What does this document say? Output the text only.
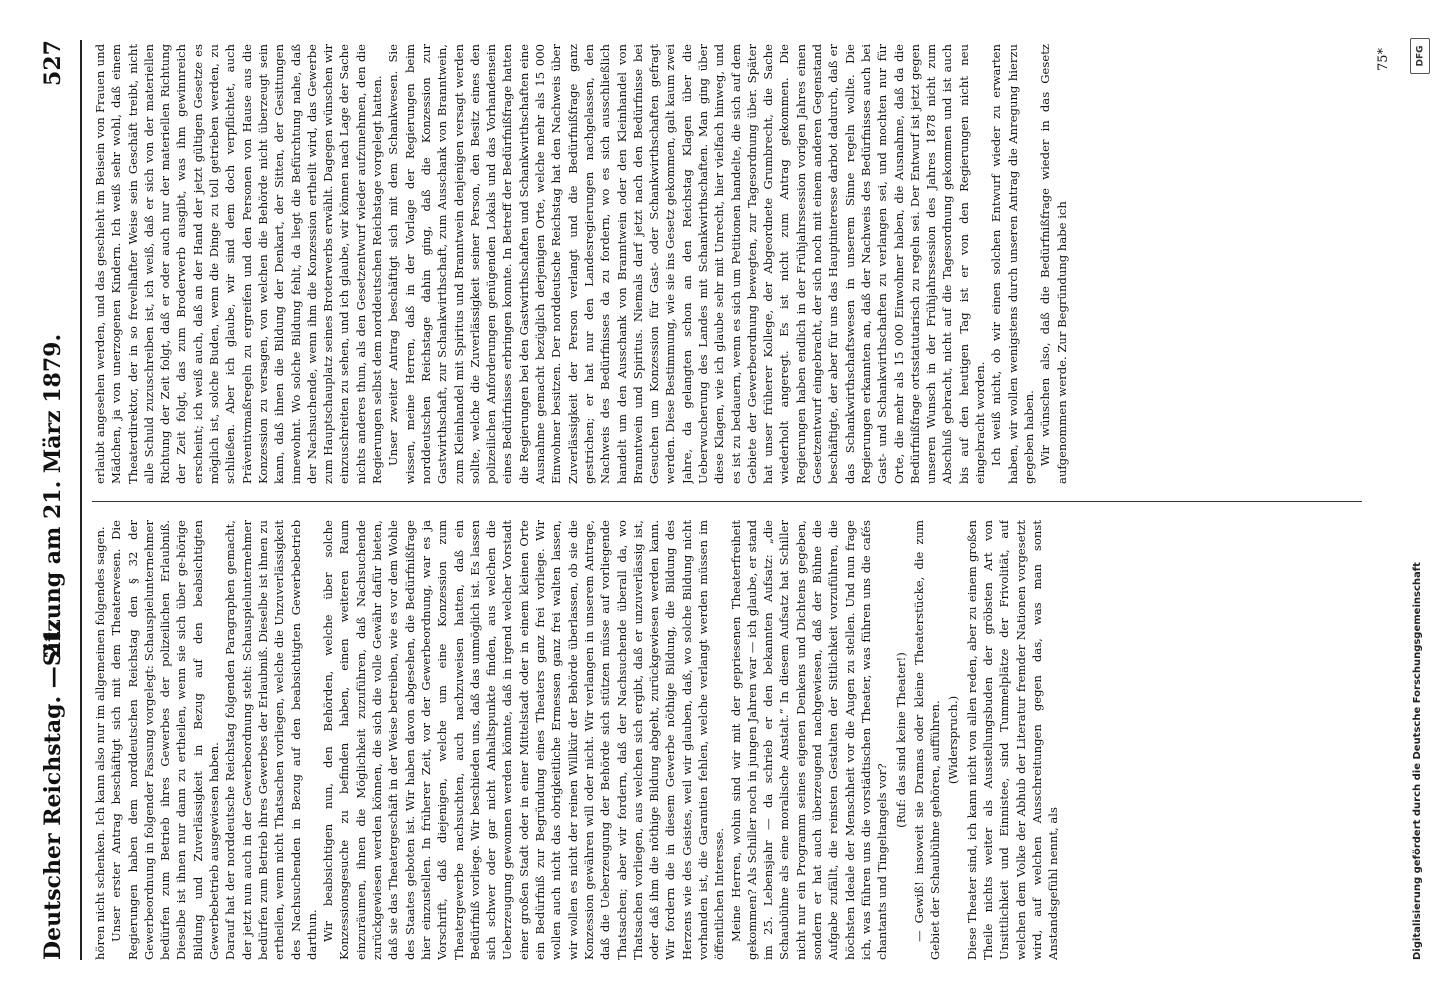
Deutscher Reichstag. — 21.
Sitzung am 21. März 1879.
527

hören nicht schenken. Ich kann also nur im allgemeinen folgendes sagen. Unser erster Antrag beschäftigt sich mit dem Theaterwesen. Die Regierungen haben dem norddeutschen Reichstag den § 32 der Gewerbeordnung in folgender Fassung vorgelegt: Schauspielunternehmer bedürfen zum Betrieb ihres Gewerbes der polizeilichen Erlaubniß. Dieselbe ist ihnen nur dann zu ertheilen, wenn sie sich über ge-hörige Bildung und Zuverlässigkeit in Bezug auf den beabsichtigten Gewerbebetrieb ausgewiesen haben. Darauf hat der norddeutsche Reichstag folgenden Paragraphen gemacht, der jetzt nun auch in der Gewerbeordnung steht: Schauspielunternehmer bedürfen zum Betrieb ihres Gewerbes der Erlaubniß. Dieselbe ist ihnen zu ertheilen, wenn nicht Thatsachen vorliegen, welche die Unzuverlässigkeit des Nachsuchenden in Bezug auf den beabsichtigten Gewerbebetrieb darthun. Wir beabsichtigen nun, den Behörden, welche über solche Konzessionsgesuche zu befinden haben, einen weiteren Raum einzuräumen, ihnen die Möglichkeit zuzuführen, daß Nachsuchende zurückgewiesen werden können, die sich die volle Gewähr dafür bieten, daß sie das Theatergeschäft in der Weise betreiben, wie es vor dem Wohle des Staates geboten ist. Wir haben davon abgesehen, die Bedürfnißfrage hier einzustellen. In früherer Zeit, vor der Gewerbeordnung, war es ja Vorschrift, daß diejenigen, welche um eine Konzession zum Theatergewerbe nachsuchten, auch nachzuweisen hatten, daß ein Bedürfniß vorliege. Wir beschieden uns, daß das unmöglich ist. Es lassen sich schwer oder gar nicht Anhaltspunkte finden, aus welchen die Ueberzeugung gewonnen werden könnte, daß in irgend welcher Vorstadt einer großen Stadt oder in einer Mittelstadt oder in einem kleinen Orte ein Bedürfniß zur Begründung eines Theaters ganz frei vorliege. Wir wollen auch nicht das obrigkeitliche Ermessen ganz frei walten lassen, wir wollen es nicht der reinen Willkür der Behörde überlassen, ob sie die Konzession gewähren will oder nicht. Wir verlangen in unserem Antrage, daß die Ueberzeugung der Behörde sich stützen müsse auf vorliegende Thatsachen; aber wir fordern, daß der Nachsuchende überall da, wo Thatsachen vorliegen, aus welchen sich ergibt, daß er unzuverlässig ist, oder daß ihm die nöthige Bildung abgeht, zurückgewiesen werden kann. Wir fordern die in diesem Gewerbe nöthige Bildung, die Bildung des Herzens wie des Geistes, weil wir glauben, daß, wo solche Bildung nicht vorhanden ist, die Garantien fehlen, welche verlangt werden müssen im öffentlichen Interesse. Meine Herren, wohin sind wir mit der gepriesenen Theaterfreiheit gekommen? Als Schiller noch in jungen Jahren war — ich glaube, er stand im 25. Lebensjahr — da schrieb er den bekannten Aufsatz: „die Schaubühne als eine moralische Anstalt.“ In diesem Aufsatz hat Schiller nicht nur ein Programm seines eigenen Denkens und Dichtens gegeben, sondern er hat auch überzeugend nachgewiesen, daß der Bühne die Aufgabe zufällt, die reinsten Gestalten der Sittlichkeit vorzuführen, die höchsten Ideale der Menschheit vor die Augen zu stellen. Und nun frage ich, was führen uns die vorstädtischen Theater, was führen uns die cafés chantants und Tingeltangels vor?

(Ruf: das sind keine Theater!) — Gewiß! insoweit sie Dramas oder kleine Theaterstücke, die zum Gebiet der Schaubühne gehören, aufführen. (Widerspruch.) Diese Theater sind, ich kann nicht von allen reden, aber zu einem großen Theile nichts weiter als Ausstellungsbuden der gröbsten Art von Unsittlichkeit und Einnistee, sind Tummelplätze der Frivolität, auf welchen dem Volke der Abhub der Literatur fremder Nationen vorgesetzt wird, auf welchen Ausschreitungen gegen das, was man sonst Anstandsgefühl nennt, als

erlaubt angesehen werden, und das geschieht im Beisein von Frauen und Mädchen, ja von unerzogenen Kindern. Ich weiß sehr wohl, daß einem Theaterdirektor, der in so frevelhafter Weise sein Geschäft treibt, nicht alle Schuld zuzuschreiben ist, ich weiß, daß er sich von der materiellen Richtung der Zeit folgt, daß er oder auch nur der materiellen Richtung der Zeit folgt, das zum Broderwerb ausgibt, was ihm gewinnreich erscheint; ich weiß auch, daß an der Hand der jetzt gültigen Gesetze es möglich ist, solche Buden, wenn die Dinge zu toll getrieben werden, zu schließen. Aber ich glaube, wir sind dem doch verpflichtet, auch Präventivmaßregeln zu ergreifen und den Personen von Hause aus die Konzession zu versagen, von welchen die Behörde nicht überzeugt sein kann, daß ihnen die Bildung der Denkart, der Sitten, der Gesittungen innewohnt. Wo solche Bildung fehlt, da liegt die Befürchtung nahe, daß der Nachsuchende, wenn ihm die Konzession ertheilt wird, das Gewerbe zum Hauptschauplatz seines Broterwerbs erwählt. Dagegen wünschen wir einzuschreiten zu sehen, und ich glaube, wir können nach Lage der Sache nichts anderes thun, als den Gesetzentwurf wieder aufzunehmen, den die Regierungen selbst dem norddeutschen Reichstage vorgelegt hatten. Unser zweiter Antrag beschäftigt sich mit dem Schankwesen. Sie wissen, meine Herren, daß in der Vorlage der Regierungen beim norddeutschen Reichstage dahin ging, daß die Konzession zur Gastwirthschaft, zur Schankwirthschaft, zum Ausschank von Branntwein, zum Kleinhandel mit Spiritus und Branntwein denjenigen versagt werden sollte, welche die Zuverlässigkeit seiner Person, den Besitz eines den polizeilichen Anforderungen genügenden Lokals und das Vorhandensein eines Bedürfnisses erbringen konnte. In Betreff der Bedürfnißfrage hatten die Regierungen bei den Gastwirthschaften und Schankwirthschaften eine Ausnahme gemacht bezüglich derjenigen Orte, welche mehr als 15 000 Einwohner besitzen. Der norddeutsche Reichstag hat den Nachweis über Zuverlässigkeit der Person verlangt und die Bedürfnißfrage ganz gestrichen; er hat nur den Landesregierungen nachgelassen, den Nachweis des Bedürfnisses da zu fordern, wo es sich ausschließlich handelt um den Ausschank von Branntwein oder den Kleinhandel von Branntwein und Spiritus. Niemals darf jetzt nach den Bedürfnisse bei Gesuchen um Konzession für Gast- oder Schankwirthschaften gefragt werden. Diese Bestimmung, wie sie ins Gesetz gekommen, galt kaum zwei Jahre, da gelangten schon an den Reichstag Klagen über die Ueberwucherung des Landes mit Schankwirthschaften. Man ging über diese Klagen, wie ich glaube sehr mit Unrecht, hier vielfach hinweg, und es ist zu bedauern, wenn es sich um Petitionen handelte, die sich auf dem Gebiete der Gewerbeordnung bewegten, zur Tagesordnung über. Später hat unser früherer Kollege, der Abgeordnete Grumbrecht, die Sache wiederholt angeregt. Es ist nicht zum Antrag gekommen. Die Regierungen haben endlich in der Frühjahrssession vorigen Jahres einen Gesetzentwurf eingebracht, der sich noch mit einem anderen Gegenstand beschäftigte, der aber für uns das Hauptinteresse darbot dadurch, daß er das Schankwirthschaftswesen in unserem Sinne regeln wollte. Die Regierungen erkannten an, daß der Nachweis des Bedürfnisses auch bei Gast- und Schankwirthschaften zu verlangen sei, und mochten nur für Orte, die mehr als 15 000 Einwohner haben, die Ausnahme, daß da die Bedürfnißfrage ortsstatutarisch zu regeln sei. Der Entwurf ist jetzt gegen unseren Wunsch in der Frühjahrssession des Jahres 1878 nicht zum Abschluß gebracht, nicht auf die Tagesordnung gekommen und ist auch bis auf den heutigen Tag ist er von den Regierungen nicht neu eingebracht worden. Ich weiß nicht, ob wir einen solchen Entwurf wieder zu erwarten haben, wir wollen wenigstens durch unseren Antrag die Anregung hierzu gegeben haben. Wir wünschen also, daß die Bedürfnißfrage wieder in das Gesetz aufgenommen werde. Zur Begründung habe ich

75*	DFG
Digitalisierung gefördert durch die Deutsche Forschungsgemeinschaft
